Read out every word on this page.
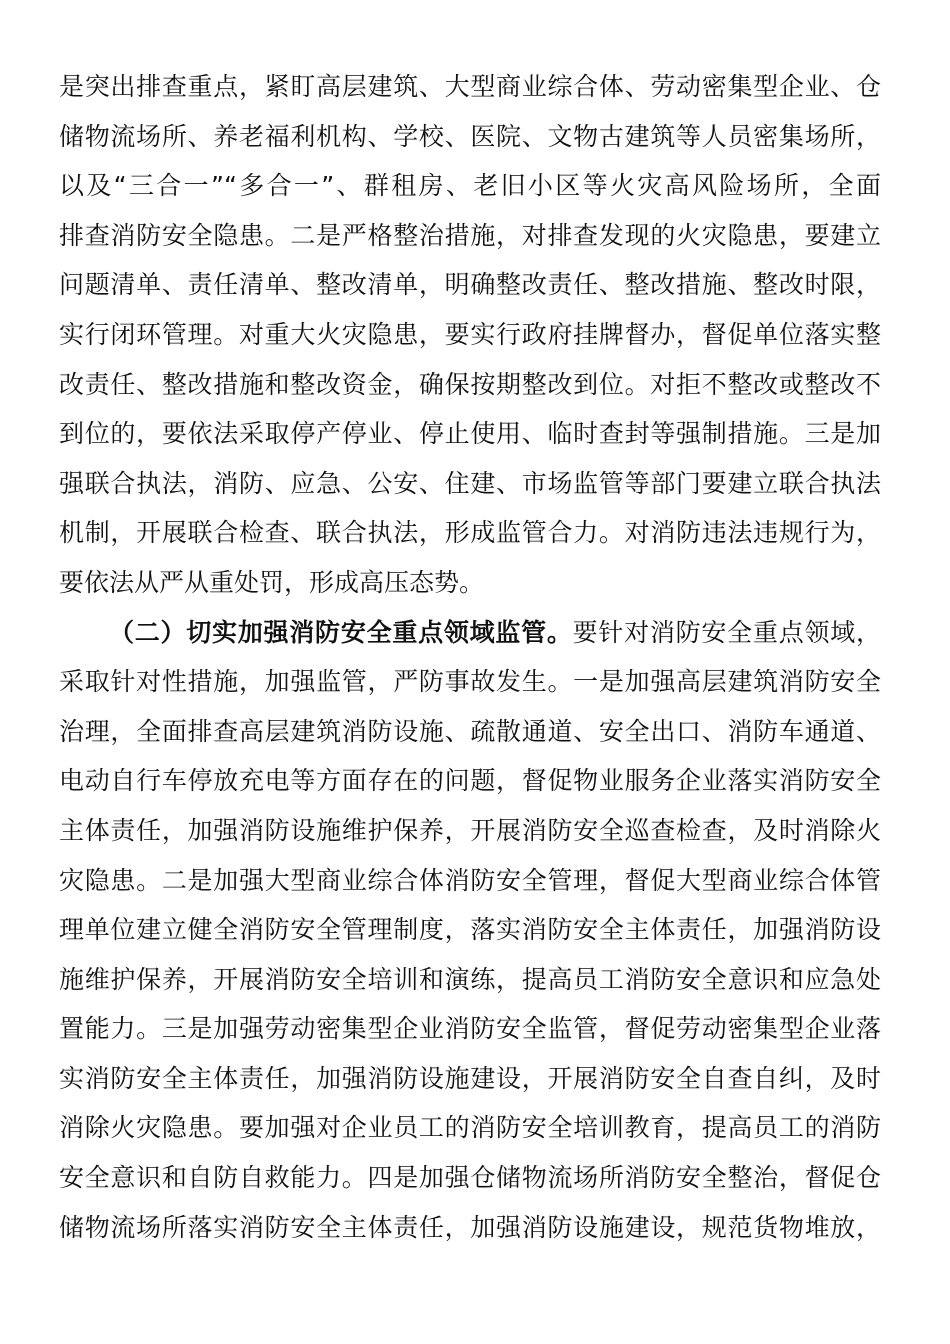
是突出排查重点，紧盯高层建筑、大型商业综合体、劳动密集型企业、仓
储物流场所、养老福利机构、学校、医院、文物古建筑等人员密集场所，
以及“三合一”“多合一”、群租房、老旧小区等火灾高风险场所，全面
排查消防安全隐患。二是严格整治措施，对排查发现的火灾隐患，要建立
问题清单、责任清单、整改清单，明确整改责任、整改措施、整改时限，
实行闭环管理。对重大火灾隐患，要实行政府挂牌督办，督促单位落实整
改责任、整改措施和整改资金，确保按期整改到位。对拒不整改或整改不
到位的，要依法采取停产停业、停止使用、临时查封等强制措施。三是加
强联合执法，消防、应急、公安、住建、市场监管等部门要建立联合执法
机制，开展联合检查、联合执法，形成监管合力。对消防违法违规行为，
要依法从严从重处罚，形成高压态势。
（二）切实加强消防安全重点领域监管。要针对消防安全重点领域，
采取针对性措施，加强监管，严防事故发生。一是加强高层建筑消防安全
治理，全面排查高层建筑消防设施、疏散通道、安全出口、消防车通道、
电动自行车停放充电等方面存在的问题，督促物业服务企业落实消防安全
主体责任，加强消防设施维护保养，开展消防安全巡查检查，及时消除火
灾隐患。二是加强大型商业综合体消防安全管理，督促大型商业综合体管
理单位建立健全消防安全管理制度，落实消防安全主体责任，加强消防设
施维护保养，开展消防安全培训和演练，提高员工消防安全意识和应急处
置能力。三是加强劳动密集型企业消防安全监管，督促劳动密集型企业落
实消防安全主体责任，加强消防设施建设，开展消防安全自查自纠，及时
消除火灾隐患。要加强对企业员工的消防安全培训教育，提高员工的消防
安全意识和自防自救能力。四是加强仓储物流场所消防安全整治，督促仓
储物流场所落实消防安全主体责任，加强消防设施建设，规范货物堆放，
